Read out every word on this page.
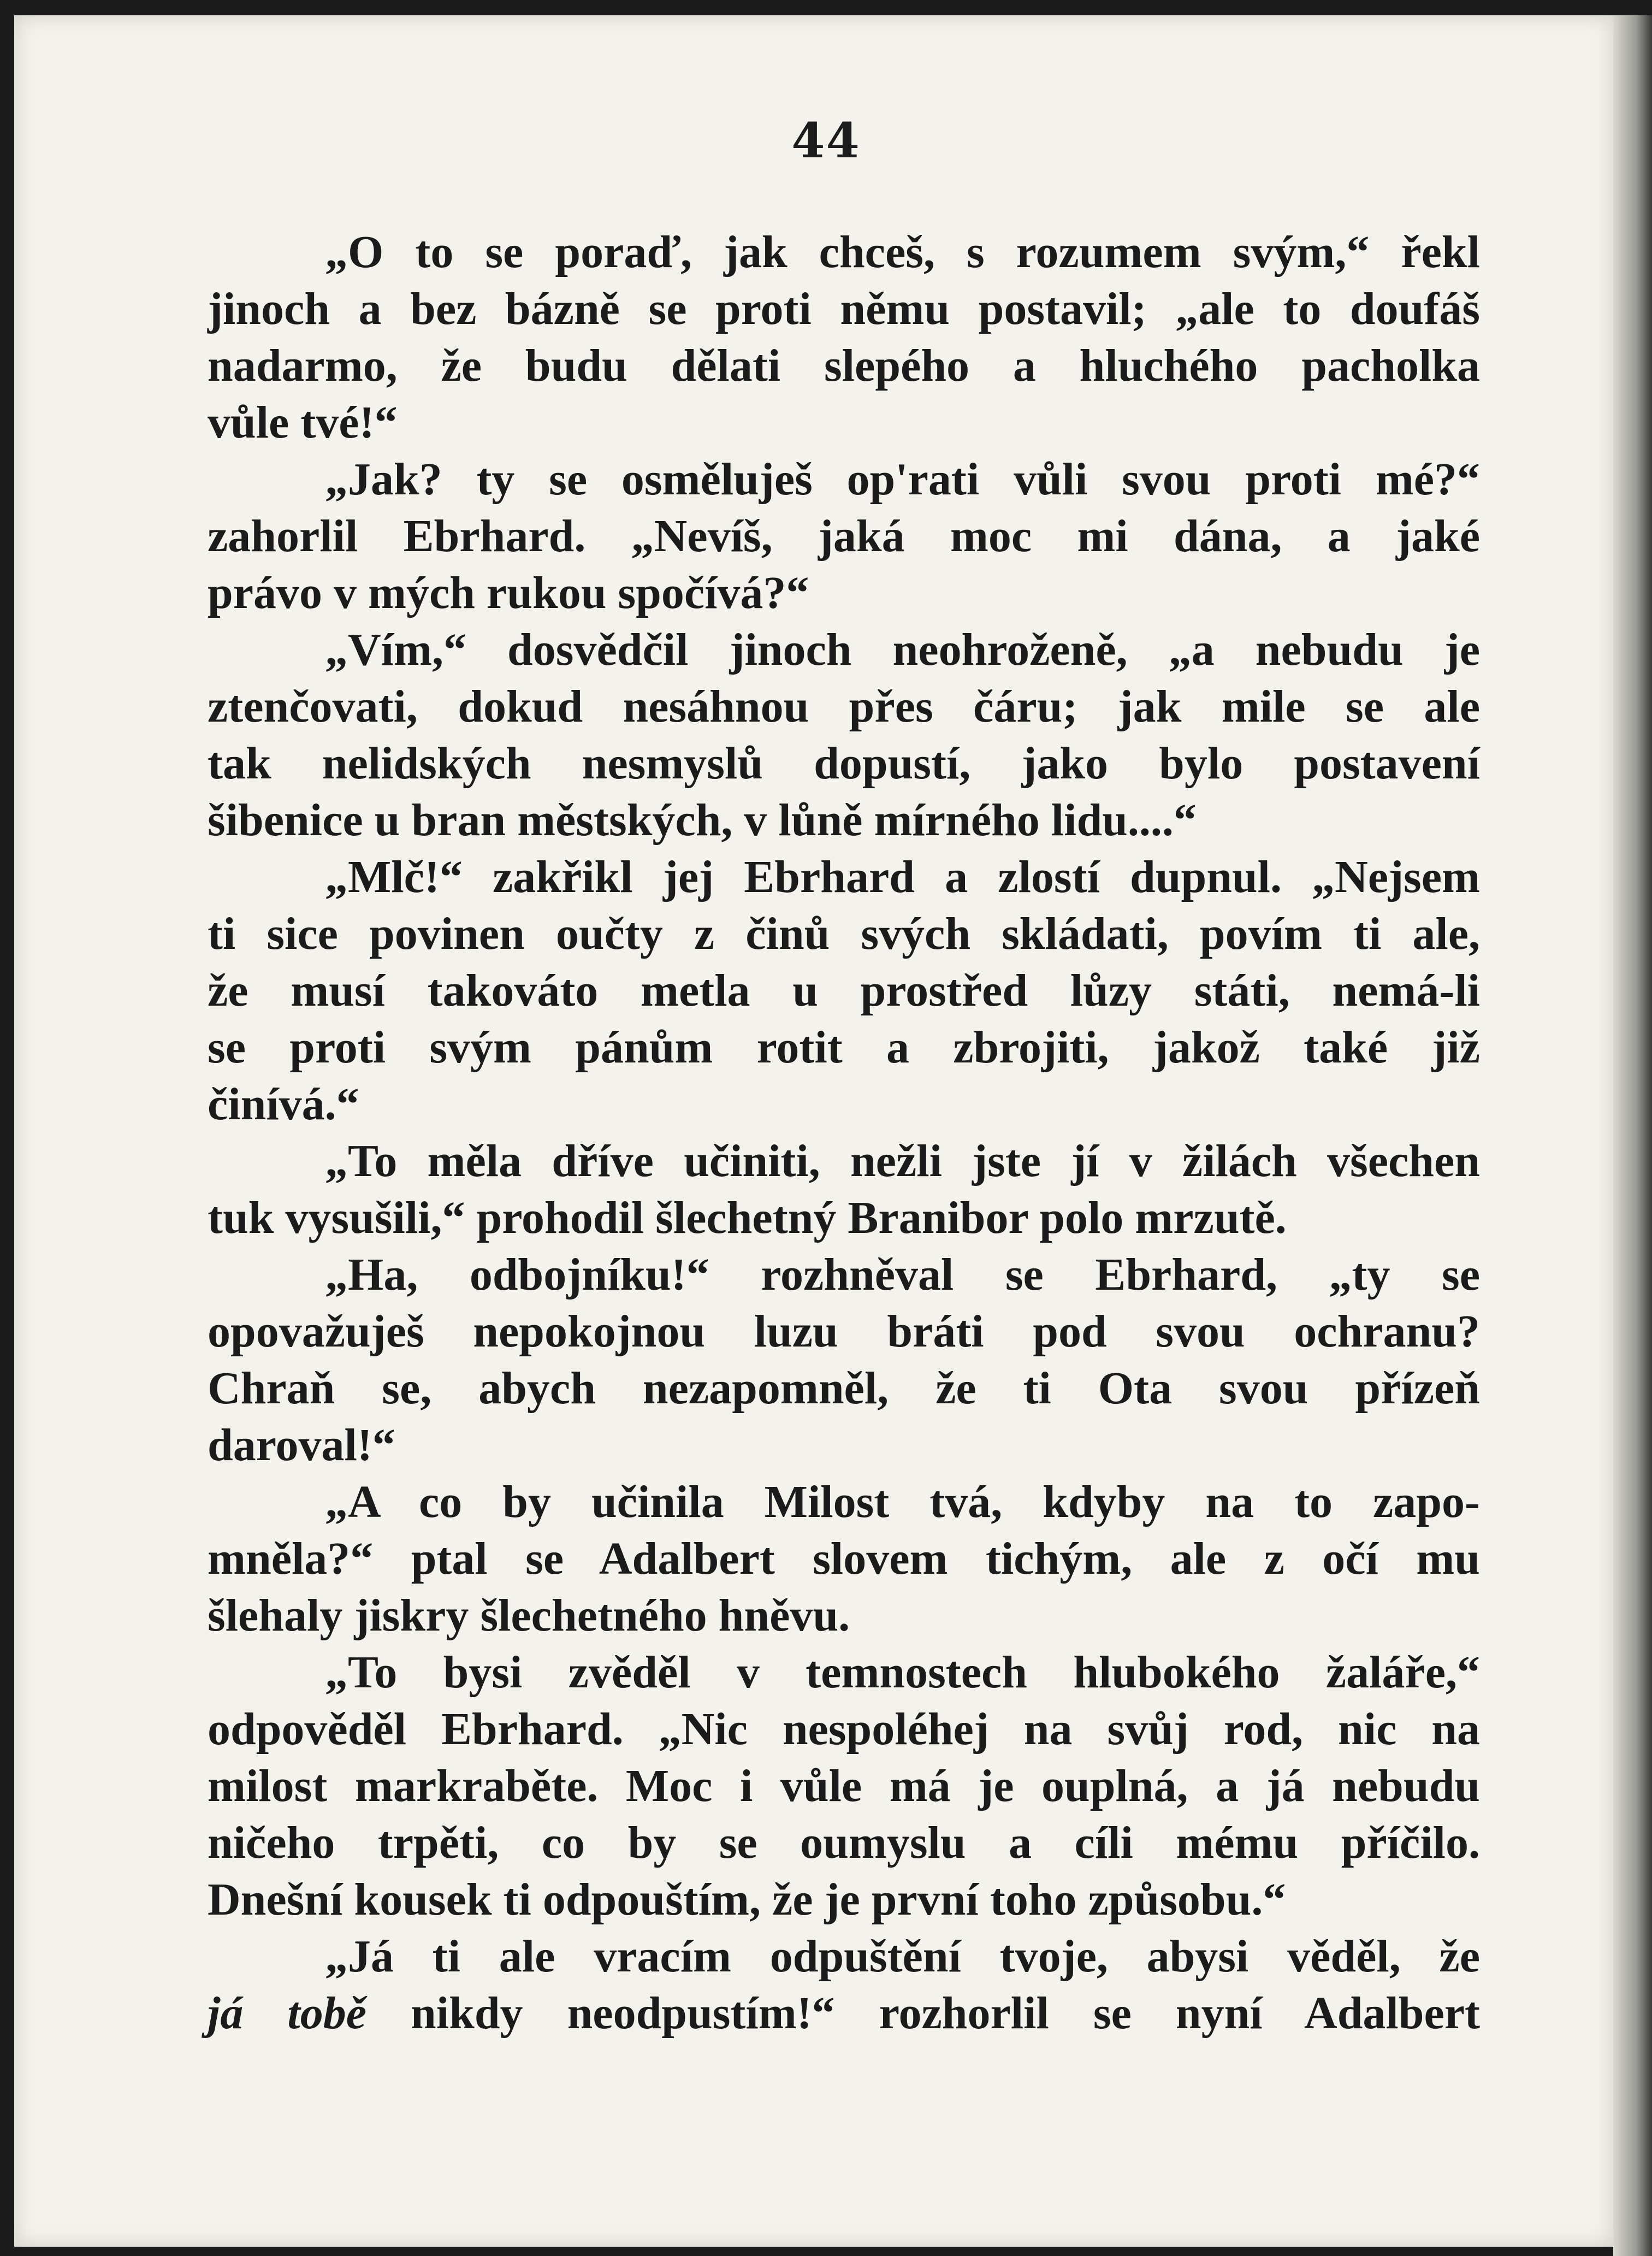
44
„O to se poraď, jak chceš, s rozumem svým,“ řekl
jinoch a bez bázně se proti němu postavil; „ale to doufáš
nadarmo, že budu dělati slepého a hluchého pacholka
vůle tvé!“
„Jak? ty se osměluješ op'rati vůli svou proti mé?“
zahorlil Ebrhard. „Nevíš, jaká moc mi dána, a jaké
právo v mých rukou spočívá?“
„Vím,“ dosvědčil jinoch neohroženě, „a nebudu je
ztenčovati, dokud nesáhnou přes čáru; jak mile se ale
tak nelidských nesmyslů dopustí, jako bylo postavení
šibenice u bran městských, v lůně mírného lidu....“
„Mlč!“ zakřikl jej Ebrhard a zlostí dupnul. „Nejsem
ti sice povinen oučty z činů svých skládati, povím ti ale,
že musí takováto metla u prostřed lůzy státi, nemá-li
se proti svým pánům rotit a zbrojiti, jakož také již
činívá.“
„To měla dříve učiniti, nežli jste jí v žilách všechen
tuk vysušili,“ prohodil šlechetný Branibor polo mrzutě.
„Ha, odbojníku!“ rozhněval se Ebrhard, „ty se
opovažuješ nepokojnou luzu bráti pod svou ochranu?
Chraň se, abych nezapomněl, že ti Ota svou přízeň
daroval!“
„A co by učinila Milost tvá, kdyby na to zapo-
mněla?“ ptal se Adalbert slovem tichým, ale z očí mu
šlehaly jiskry šlechetného hněvu.
„To bysi zvěděl v temnostech hlubokého žaláře,“
odpověděl Ebrhard. „Nic nespoléhej na svůj rod, nic na
milost markraběte. Moc i vůle má je ouplná, a já nebudu
ničeho trpěti, co by se oumyslu a cíli mému příčilo.
Dnešní kousek ti odpouštím, že je první toho způsobu.“
„Já ti ale vracím odpuštění tvoje, abysi věděl, že
já tobě nikdy neodpustím!“ rozhorlil se nyní Adalbert
